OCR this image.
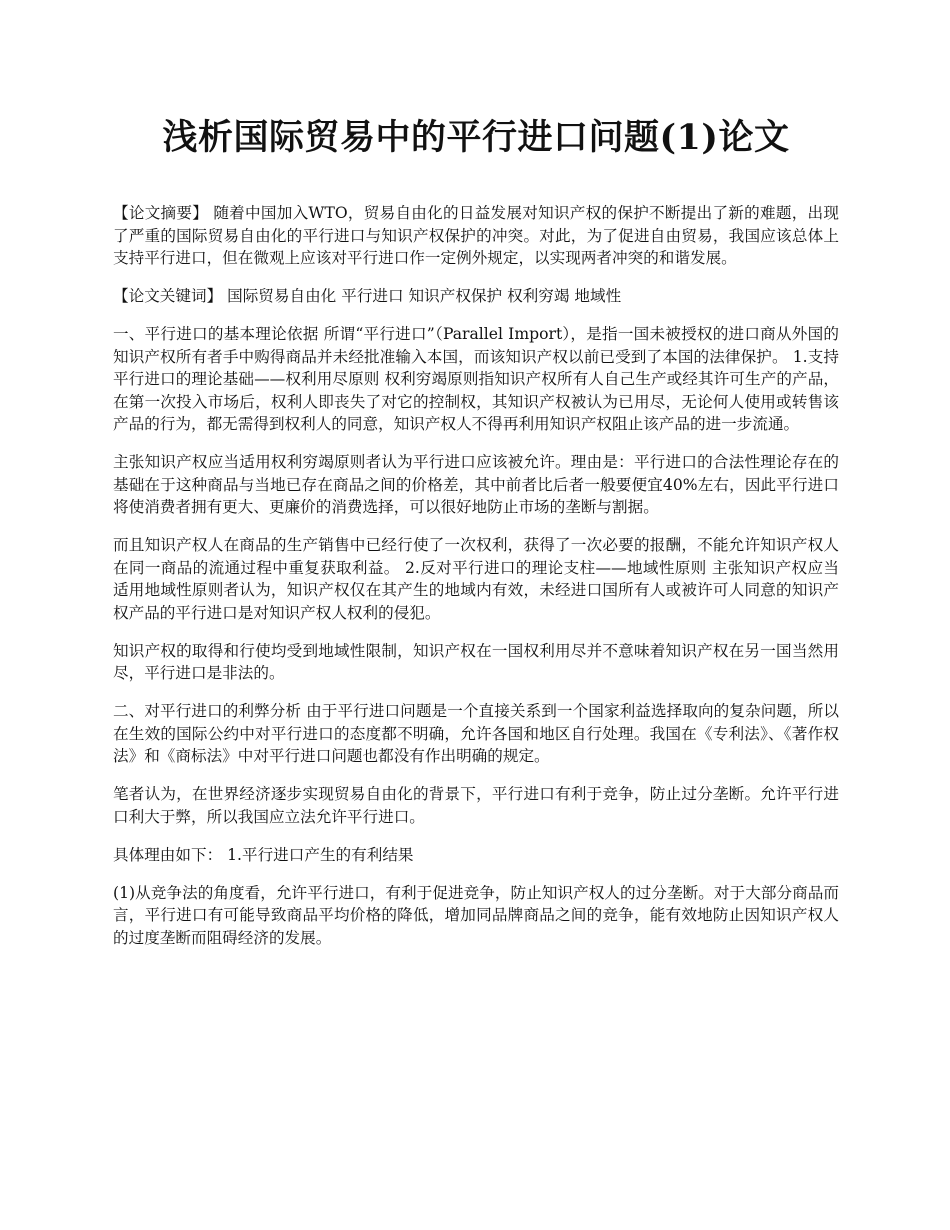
浅析国际贸易中的平行进口问题(1)论文

【论文摘要】 随着中国加入WTO，贸易自由化的日益发展对知识产权的保护不断提出了新的难题，出现了严重的国际贸易自由化的平行进口与知识产权保护的冲突。对此，为了促进自由贸易，我国应该总体上支持平行进口，但在微观上应该对平行进口作一定例外规定，以实现两者冲突的和谐发展。

【论文关键词】 国际贸易自由化 平行进口 知识产权保护 权利穷竭 地域性

一、平行进口的基本理论依据 所谓“平行进口”（Parallel Import），是指一国未被授权的进口商从外国的知识产权所有者手中购得商品并未经批准输入本国，而该知识产权以前已受到了本国的法律保护。 1.支持平行进口的理论基础——权利用尽原则 权利穷竭原则指知识产权所有人自己生产或经其许可生产的产品，在第一次投入市场后，权利人即丧失了对它的控制权，其知识产权被认为已用尽，无论何人使用或转售该产品的行为，都无需得到权利人的同意，知识产权人不得再利用知识产权阻止该产品的进一步流通。

主张知识产权应当适用权利穷竭原则者认为平行进口应该被允许。理由是：平行进口的合法性理论存在的基础在于这种商品与当地已存在商品之间的价格差，其中前者比后者一般要便宜40%左右，因此平行进口将使消费者拥有更大、更廉价的消费选择，可以很好地防止市场的垄断与割据。

而且知识产权人在商品的生产销售中已经行使了一次权利，获得了一次必要的报酬，不能允许知识产权人在同一商品的流通过程中重复获取利益。 2.反对平行进口的理论支柱——地域性原则 主张知识产权应当适用地域性原则者认为，知识产权仅在其产生的地域内有效，未经进口国所有人或被许可人同意的知识产权产品的平行进口是对知识产权人权利的侵犯。

知识产权的取得和行使均受到地域性限制，知识产权在一国权利用尽并不意味着知识产权在另一国当然用尽，平行进口是非法的。

二、对平行进口的利弊分析 由于平行进口问题是一个直接关系到一个国家利益选择取向的复杂问题，所以在生效的国际公约中对平行进口的态度都不明确，允许各国和地区自行处理。我国在《专利法》、《著作权法》和《商标法》中对平行进口问题也都没有作出明确的规定。

笔者认为，在世界经济逐步实现贸易自由化的背景下，平行进口有利于竞争，防止过分垄断。允许平行进口利大于弊，所以我国应立法允许平行进口。

具体理由如下： 1.平行进口产生的有利结果

(1)从竞争法的角度看，允许平行进口，有利于促进竞争，防止知识产权人的过分垄断。对于大部分商品而言，平行进口有可能导致商品平均价格的降低，增加同品牌商品之间的竞争，能有效地防止因知识产权人的过度垄断而阻碍经济的发展。
